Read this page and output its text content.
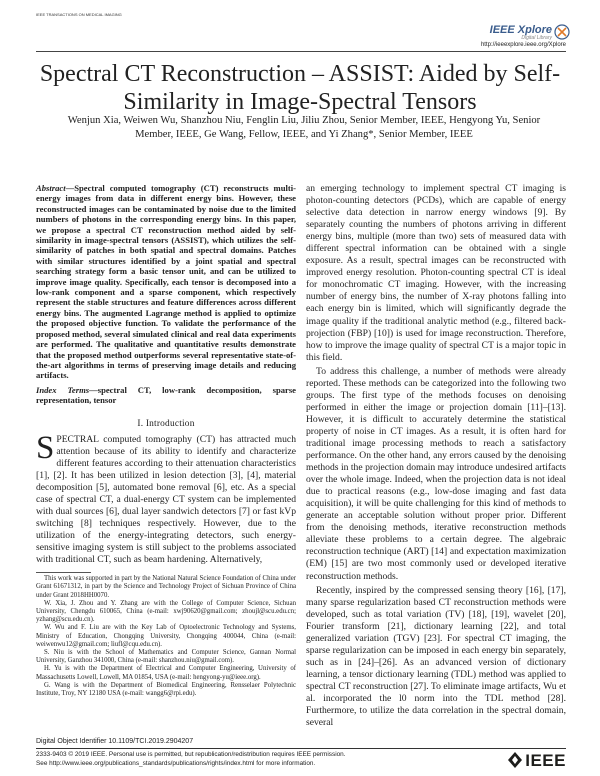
IEEE TRANSACTIONS ON MEDICAL IMAGING
IEEE Xplore
Digital Library
http://ieeexplore.ieee.org/Xplore
Spectral CT Reconstruction – ASSIST: Aided by Self-Similarity in Image-Spectral Tensors
Wenjun Xia, Weiwen Wu, Shanzhou Niu, Fenglin Liu, Jiliu Zhou, Senior Member, IEEE, Hengyong Yu, Senior Member, IEEE, Ge Wang, Fellow, IEEE, and Yi Zhang*, Senior Member, IEEE
Abstract—Spectral computed tomography (CT) reconstructs multi-energy images from data in different energy bins. However, these reconstructed images can be contaminated by noise due to the limited numbers of photons in the corresponding energy bins. In this paper, we propose a spectral CT reconstruction method aided by self-similarity in image-spectral tensors (ASSIST), which utilizes the self-similarity of patches in both spatial and spectral domains. Patches with similar structures identified by a joint spatial and spectral searching strategy form a basic tensor unit, and can be utilized to improve image quality. Specifically, each tensor is decomposed into a low-rank component and a sparse component, which respectively represent the stable structures and feature differences across different energy bins. The augmented Lagrange method is applied to optimize the proposed objective function. To validate the performance of the proposed method, several simulated clinical and real data experiments are performed. The qualitative and quantitative results demonstrate that the proposed method outperforms several representative state-of-the-art algorithms in terms of preserving image details and reducing artifacts.
Index Terms—spectral CT, low-rank decomposition, sparse representation, tensor
I. Introduction
SPECTRAL computed tomography (CT) has attracted much attention because of its ability to identify and characterize different features according to their attenuation characteristics [1], [2]. It has been utilized in lesion detection [3], [4], material decomposition [5], automated bone removal [6], etc. As a special case of spectral CT, a dual-energy CT system can be implemented with dual sources [6], dual layer sandwich detectors [7] or fast kVp switching [8] techniques respectively. However, due to the utilization of the energy-integrating detectors, such energy-sensitive imaging system is still subject to the problems associated with traditional CT, such as beam hardening. Alternatively,

This work was supported in part by the National Natural Science Foundation of China under Grant 61671312, in part by the Science and Technology Project of Sichuan Province of China under Grant 2018HH0070.

W. Xia, J. Zhou and Y. Zhang are with the College of Computer Science, Sichuan University, Chengdu 610065, China (e-mail: xwj90620@gmail.com; zhoujl@scu.edu.cn; yzhang@scu.edu.cn).

W. Wu and F. Liu are with the Key Lab of Optoelectronic Technology and Systems, Ministry of Education, Chongqing University, Chongqing 400044, China (e-mail: weiwenwu12@gmail.com; liufl@cqu.edu.cn).

S. Niu is with the School of Mathematics and Computer Science, Gannan Normal University, Ganzhou 341000, China (e-mail: shanzhou.niu@gmail.com).

H. Yu is with the Department of Electrical and Computer Engineering, University of Massachusetts Lowell, Lowell, MA 01854, USA (e-mail: hengyong-yu@ieee.org).

G. Wang is with the Department of Biomedical Engineering, Rensselaer Polytechnic Institute, Troy, NY 12180 USA (e-mail: wangg6@rpi.edu).

an emerging technology to implement spectral CT imaging is photon-counting detectors (PCDs), which are capable of energy selective data detection in narrow energy windows [9]. By separately counting the numbers of photons arriving in different energy bins, multiple (more than two) sets of measured data with different spectral information can be obtained with a single exposure. As a result, spectral images can be reconstructed with improved energy resolution. Photon-counting spectral CT is ideal for monochromatic CT imaging. However, with the increasing number of energy bins, the number of X-ray photons falling into each energy bin is limited, which will significantly degrade the image quality if the traditional analytic method (e.g., filtered back-projection (FBP) [10]) is used for image reconstruction. Therefore, how to improve the image quality of spectral CT is a major topic in this field.

To address this challenge, a number of methods were already reported. These methods can be categorized into the following two groups. The first type of the methods focuses on denoising performed in either the image or projection domain [11]–[13]. However, it is difficult to accurately determine the statistical property of noise in CT images. As a result, it is often hard for traditional image processing methods to reach a satisfactory performance. On the other hand, any errors caused by the denoising methods in the projection domain may introduce undesired artifacts over the whole image. Indeed, when the projection data is not ideal due to practical reasons (e.g., low-dose imaging and fast data acquisition), it will be quite challenging for this kind of methods to generate an acceptable solution without proper prior. Different from the denoising methods, iterative reconstruction methods alleviate these problems to a certain degree. The algebraic reconstruction technique (ART) [14] and expectation maximization (EM) [15] are two most commonly used or developed iterative reconstruction methods.

Recently, inspired by the compressed sensing theory [16], [17], many sparse regularization based CT reconstruction methods were developed, such as total variation (TV) [18], [19], wavelet [20], Fourier transform [21], dictionary learning [22], and total generalized variation (TGV) [23]. For spectral CT imaging, the sparse regularization can be imposed in each energy bin separately, such as in [24]–[26]. As an advanced version of dictionary learning, a tensor dictionary learning (TDL) method was applied to spectral CT reconstruction [27]. To eliminate image artifacts, Wu et al. incorporated the l0 norm into the TDL method [28]. Furthermore, to utilize the data correlation in the spectral domain, several

Digital Object Identifier 10.1109/TCI.2019.2904207
2333-9403 © 2019 IEEE. Personal use is permitted, but republication/redistribution requires IEEE permission.
See http://www.ieee.org/publications_standards/publications/rights/index.html for more information.	IEEE
